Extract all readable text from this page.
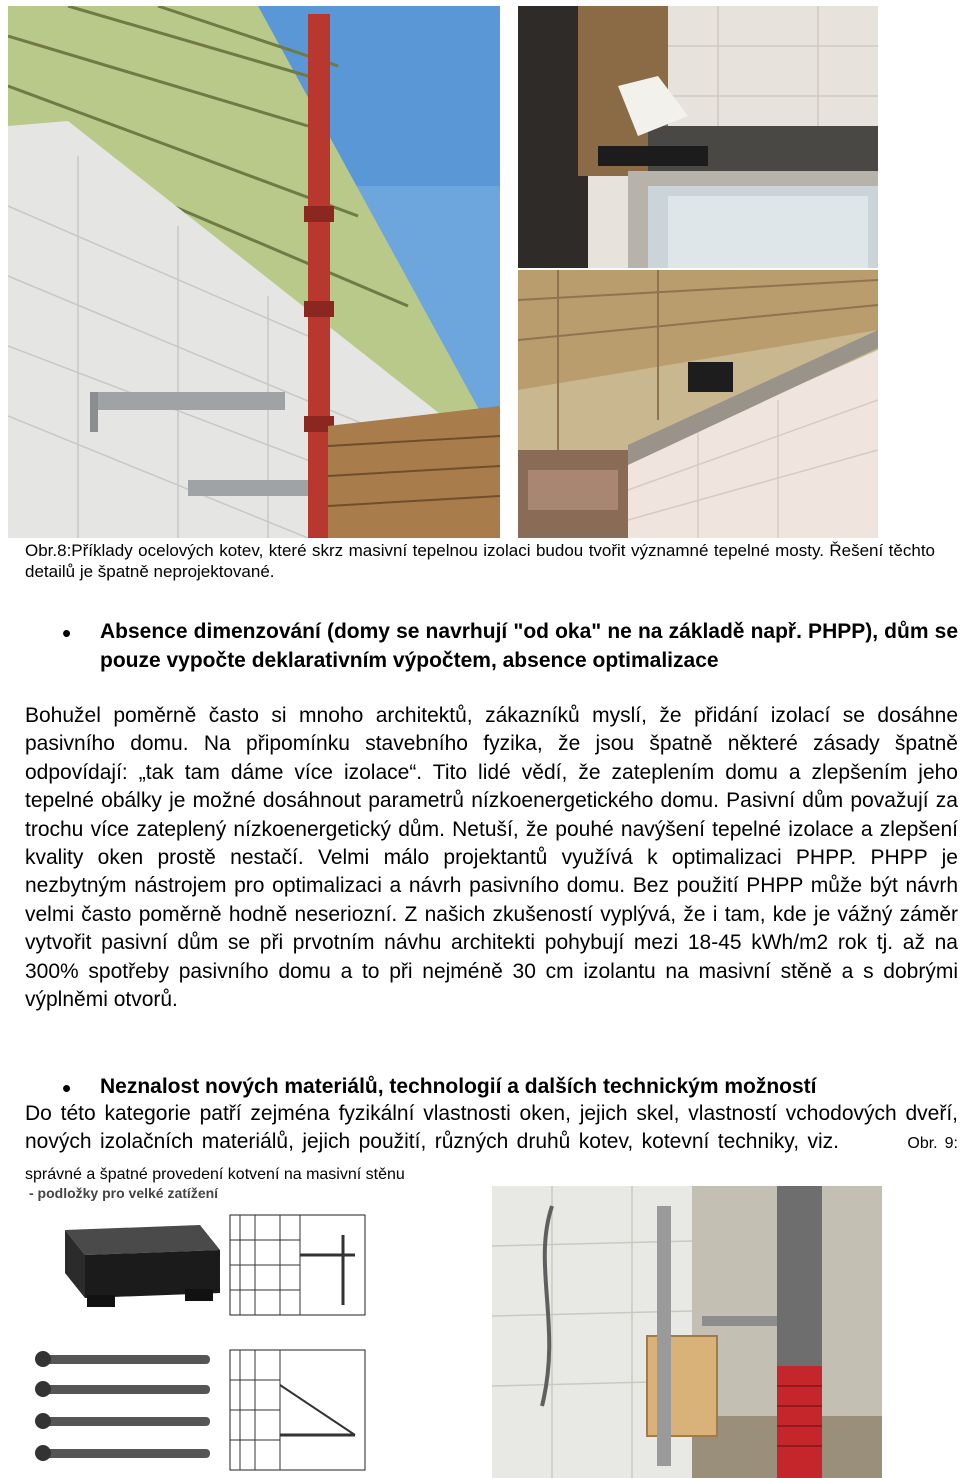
Obr.8:Příklady ocelových kotev, které skrz masivní tepelnou izolaci budou tvořit významné tepelné mosty. Řešení těchto detailů je špatně neprojektované.
• Absence dimenzování (domy se navrhují "od oka" ne na základě např. PHPP), dům se pouze vypočte deklarativním výpočtem, absence optimalizace
Bohužel poměrně často si mnoho architektů, zákazníků myslí, že přidání izolací se dosáhne pasivního domu. Na připomínku stavebního fyzika, že jsou špatně některé zásady špatně odpovídají: „tak tam dáme více izolace“. Tito lidé vědí, že zateplením domu a zlepšením jeho tepelné obálky je možné dosáhnout parametrů nízkoenergetického domu. Pasivní dům považují za trochu více zateplený nízkoenergetický dům. Netuší, že pouhé navýšení tepelné izolace a zlepšení kvality oken prostě nestačí. Velmi málo projektantů využívá k optimalizaci PHPP. PHPP je nezbytným nástrojem pro optimalizaci a návrh pasivního domu. Bez použití PHPP může být návrh velmi často poměrně hodně neseriozní. Z našich zkušeností vyplývá, že i tam, kde je vážný záměr vytvořit pasivní dům se při prvotním návhu architekti pohybují mezi 18-45 kWh/m2 rok tj. až na 300% spotřeby pasivního domu a to při nejméně 30 cm izolantu na masivní stěně a s dobrými výplněmi otvorů.
• Neznalost nových materiálů, technologií a dalších technickým možností
Do této kategorie patří zejména fyzikální vlastnosti oken, jejich skel, vlastností vchodových dveří, nových izolačních materiálů, jejich použití, různých druhů kotev, kotevní techniky, viz.	Obr. 9: správné a špatné provedení kotvení na masivní stěnu
- podložky pro velké zatížení
